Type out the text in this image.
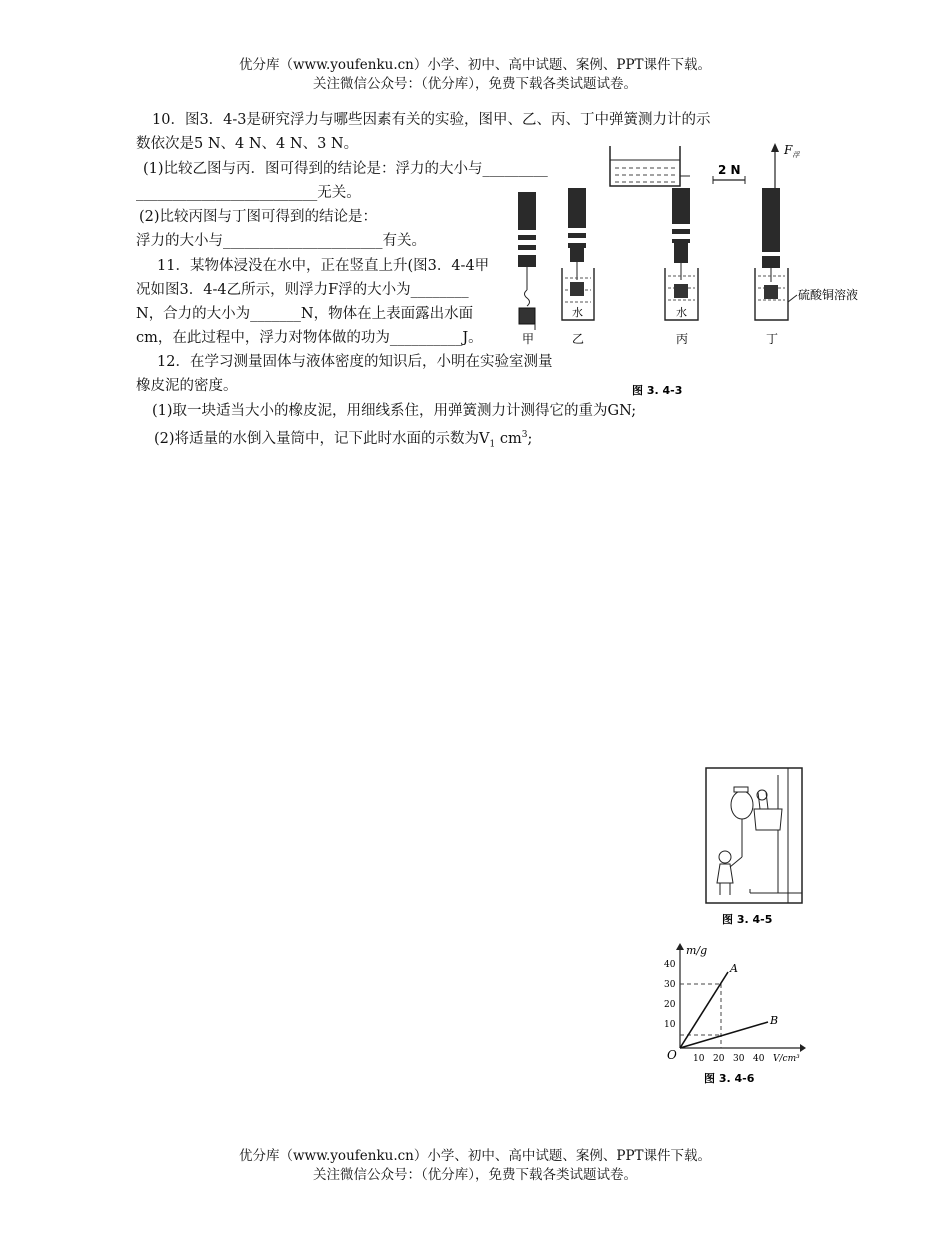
优分库（www.youfenku.cn）小学、初中、高中试题、案例、PPT课件下载。
关注微信公众号：（优分库），免费下载各类试题试卷。
10．图3．4-3是研究浮力与哪些因素有关的实验，图甲、乙、丙、丁中弹簧测力计的示
数依次是5 N、4 N、4 N、3 N。
(1)比较乙图与丙．图可得到的结论是：浮力的大小与_________
_________________________无关。
(2)比较丙图与丁图可得到的结论是：
浮力的大小与______________________有关。
11．某物体浸没在水中，正在竖直上升(图3．4-4甲
况如图3．4-4乙所示，则浮力F浮的大小为________
N，合力的大小为_______N，物体在上表面露出水面
cm，在此过程中，浮力对物体做的功为__________J。
12．在学习测量固体与液体密度的知识后，小明在实验室测量
橡皮泥的密度。
(1)取一块适当大小的橡皮泥，用细线系住，用弹簧测力计测得它的重为GN;
(2)将适量的水倒入量筒中，记下此时水面的示数为$V_1$ $cm^3$;
2 N
$F_浮$
水	水
硫酸铜溶液
甲	乙	丙	丁
图 3. 4-3
图 3. 4-5
m/g
V/cm³
O
10
20
30
40
10 20 30 40
A
B
图 3. 4-6
优分库（www.youfenku.cn）小学、初中、高中试题、案例、PPT课件下载。
关注微信公众号：（优分库），免费下载各类试题试卷。
